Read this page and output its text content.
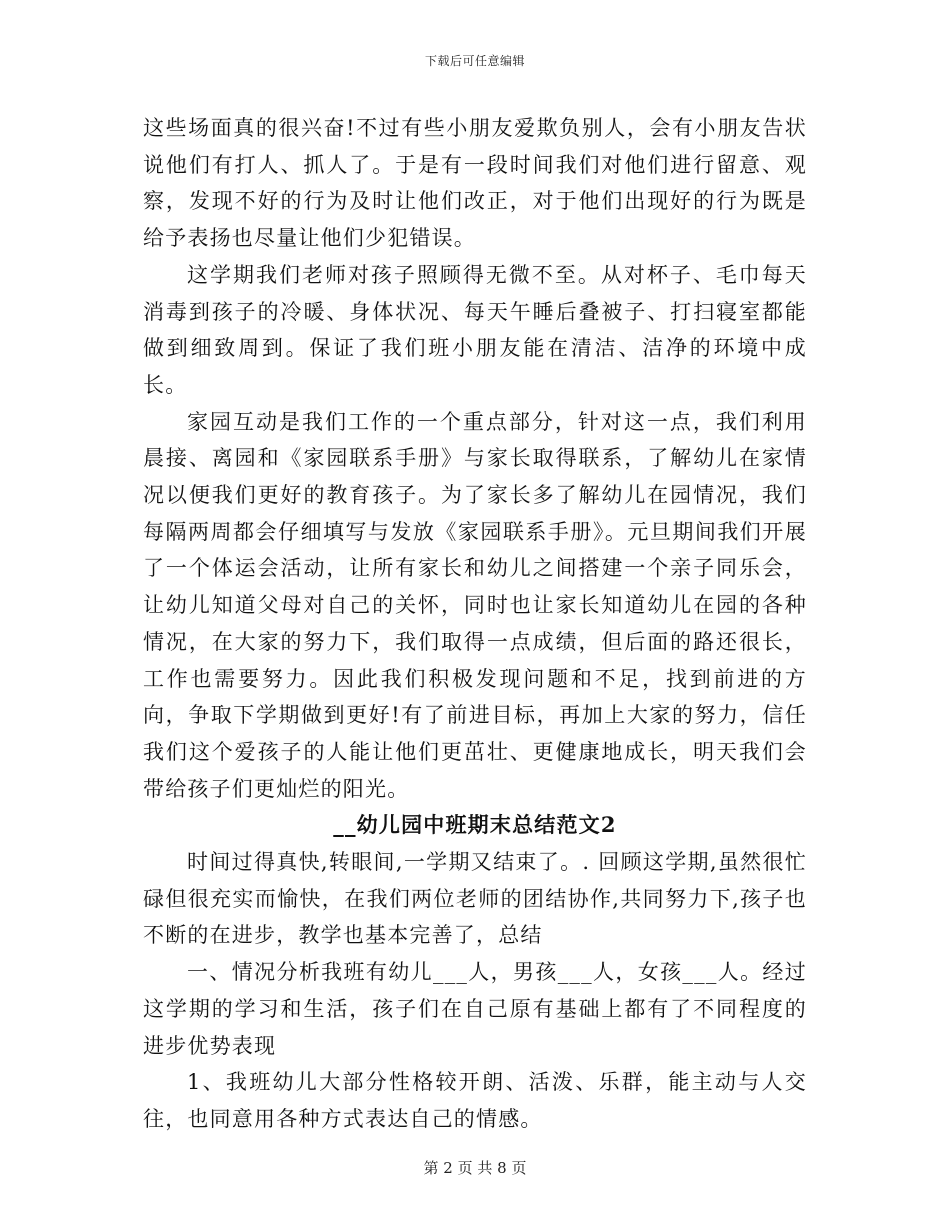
下载后可任意编辑

这些场面真的很兴奋!不过有些小朋友爱欺负别人，会有小朋友告状说他们有打人、抓人了。于是有一段时间我们对他们进行留意、观察，发现不好的行为及时让他们改正，对于他们出现好的行为既是给予表扬也尽量让他们少犯错误。

这学期我们老师对孩子照顾得无微不至。从对杯子、毛巾每天消毒到孩子的冷暖、身体状况、每天午睡后叠被子、打扫寝室都能做到细致周到。保证了我们班小朋友能在清洁、洁净的环境中成长。

家园互动是我们工作的一个重点部分，针对这一点，我们利用晨接、离园和《家园联系手册》与家长取得联系，了解幼儿在家情况以便我们更好的教育孩子。为了家长多了解幼儿在园情况，我们每隔两周都会仔细填写与发放《家园联系手册》。元旦期间我们开展了一个体运会活动，让所有家长和幼儿之间搭建一个亲子同乐会，让幼儿知道父母对自己的关怀，同时也让家长知道幼儿在园的各种情况，在大家的努力下，我们取得一点成绩，但后面的路还很长，工作也需要努力。因此我们积极发现问题和不足，找到前进的方向，争取下学期做到更好!有了前进目标，再加上大家的努力，信任我们这个爱孩子的人能让他们更茁壮、更健康地成长，明天我们会带给孩子们更灿烂的阳光。

__幼儿园中班期末总结范文2

时间过得真快,转眼间,一学期又结束了。. 回顾这学期,虽然很忙碌但很充实而愉快，在我们两位老师的团结协作,共同努力下,孩子也不断的在进步，教学也基本完善了，总结

一、情况分析我班有幼儿___人，男孩___人，女孩___人。经过这学期的学习和生活，孩子们在自己原有基础上都有了不同程度的进步优势表现

1、我班幼儿大部分性格较开朗、活泼、乐群，能主动与人交往，也同意用各种方式表达自己的情感。

第 2 页 共 8 页
